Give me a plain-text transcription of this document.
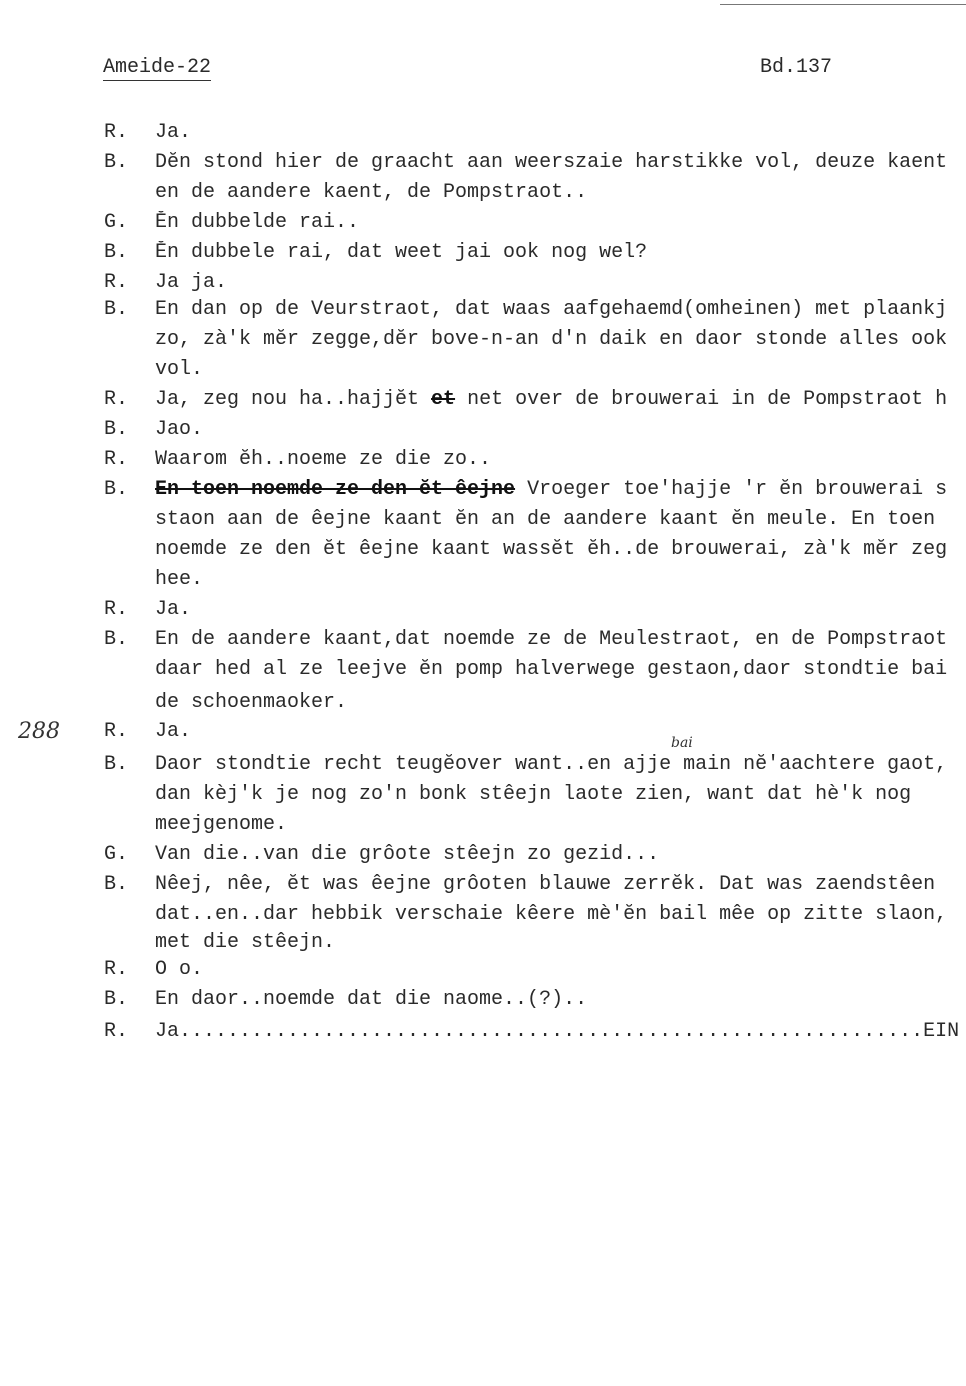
Ameide-22	Bd.137
288	bai
R. Ja.
B. Dĕn stond hier de graacht aan weerszaie harstikke vol, deuze kaent
en de aandere kaent, de Pompstraot..
G. Ĕn dubbelde rai..
B. Ĕn dubbele rai, dat weet jai ook nog wel?
R. Ja ja.
B. En dan op de Veurstraot, dat waas aafgehaemd(omheinen) met plaankj
zo, zà'k mĕr zegge,dĕr bove-n-an d'n daik en daor stonde alles ook
vol.
R. Ja, zeg nou ha..hajjĕt et net over de brouwerai in de Pompstraot h
B. Jao.
R. Waarom ĕh..noeme ze die zo..
B. En toen noemde ze den ĕt êejne Vroeger toe'hajje 'r ĕn brouwerai s
staon aan de êejne kaant ĕn an de aandere kaant ĕn meule. En toen
noemde ze den ĕt êejne kaant wassĕt ĕh..de brouwerai, zà'k mĕr zeg
hee.
R. Ja.
B. En de aandere kaant,dat noemde ze de Meulestraot, en de Pompstraot
daar hed al ze leejve ĕn pomp halverwege gestaon,daor stondtie bai
de schoenmaoker.
R. Ja.
B. Daor stondtie recht teugĕover want..en ajje main nĕ'aachtere gaot,
dan kèj'k je nog zo'n bonk stêejn laote zien, want dat hè'k nog
meejgenome.
G. Van die..van die grôote stêejn zo gezid...
B. Nêej, nêe, ĕt was êejne grôoten blauwe zerrĕk. Dat was zaendstêen
dat..en..dar hebbik verschaie kêere mè'ĕn bail mêe op zitte slaon,
met die stêejn.
R. O o.
B. En daor..noemde dat die naome..(?)..
R. Ja..............................................................EIN
